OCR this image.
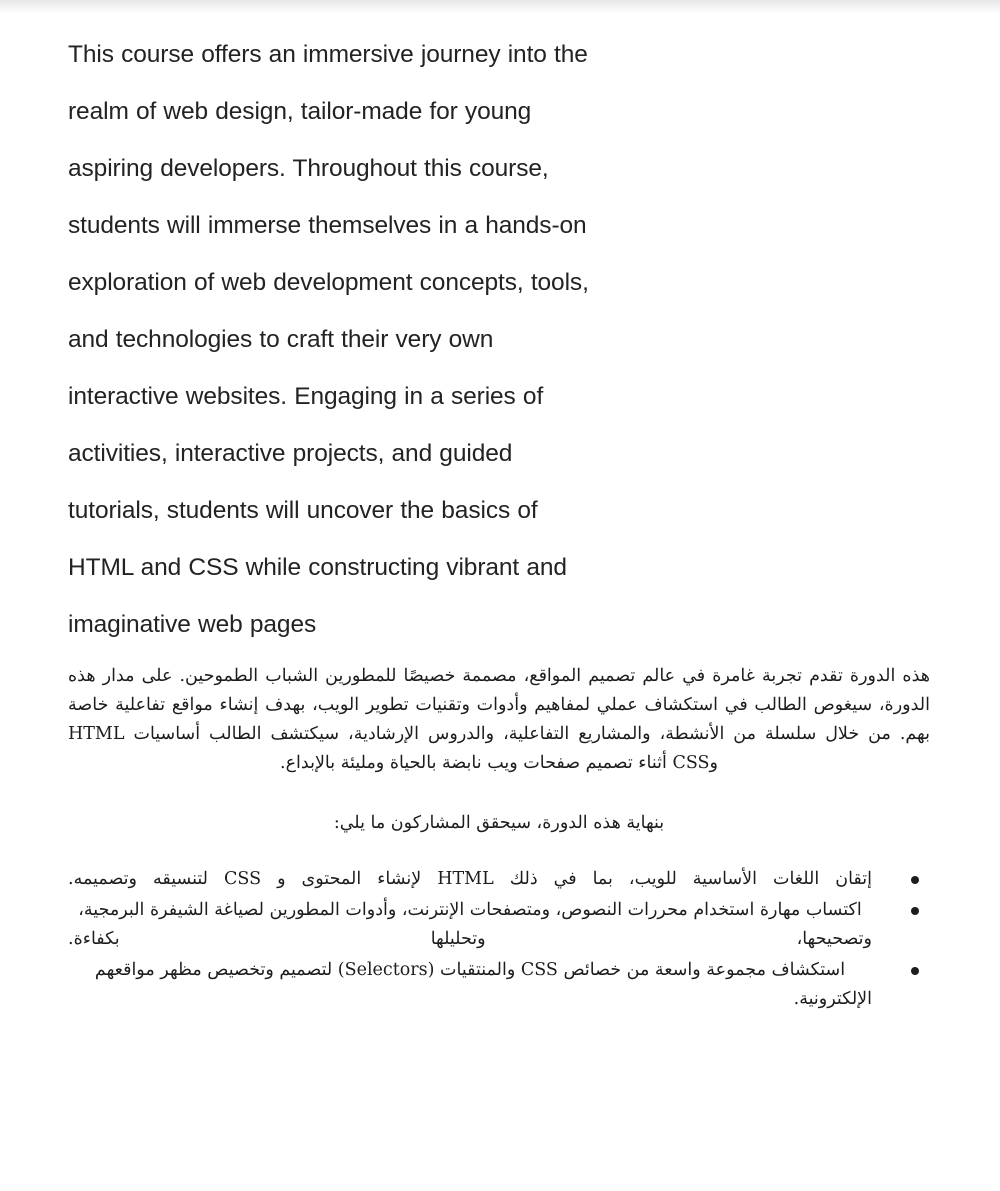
This course offers an immersive journey into the

realm of web design, tailor-made for young

aspiring developers. Throughout this course,

students will immerse themselves in a hands-on

exploration of web development concepts, tools,

and technologies to craft their very own

interactive websites. Engaging in a series of

activities, interactive projects, and guided

tutorials, students will uncover the basics of

HTML and CSS while constructing vibrant and

imaginative web pages

هذه الدورة تقدم تجربة غامرة في عالم تصميم المواقع، مصممة خصيصًا للمطورين الشباب الطموحين. على مدار هذه الدورة، سيغوص الطالب في استكشاف عملي لمفاهيم وأدوات وتقنيات تطوير الويب، بهدف إنشاء مواقع تفاعلية خاصة بهم. من خلال سلسلة من الأنشطة، والمشاريع التفاعلية، والدروس الإرشادية، سيكتشف الطالب أساسيات HTML وCSS أثناء تصميم صفحات ويب نابضة بالحياة ومليئة بالإبداع.

بنهاية هذه الدورة، سيحقق المشاركون ما يلي:

إتقان اللغات الأساسية للويب، بما في ذلك HTML لإنشاء المحتوى و CSS لتنسيقه وتصميمه.
اكتساب مهارة استخدام محررات النصوص، ومتصفحات الإنترنت، وأدوات المطورين لصياغة الشيفرة البرمجية، وتصحيحها، وتحليلها بكفاءة.
استكشاف مجموعة واسعة من خصائص CSS والمنتقيات (Selectors) لتصميم وتخصيص مظهر مواقعهم الإلكترونية.
